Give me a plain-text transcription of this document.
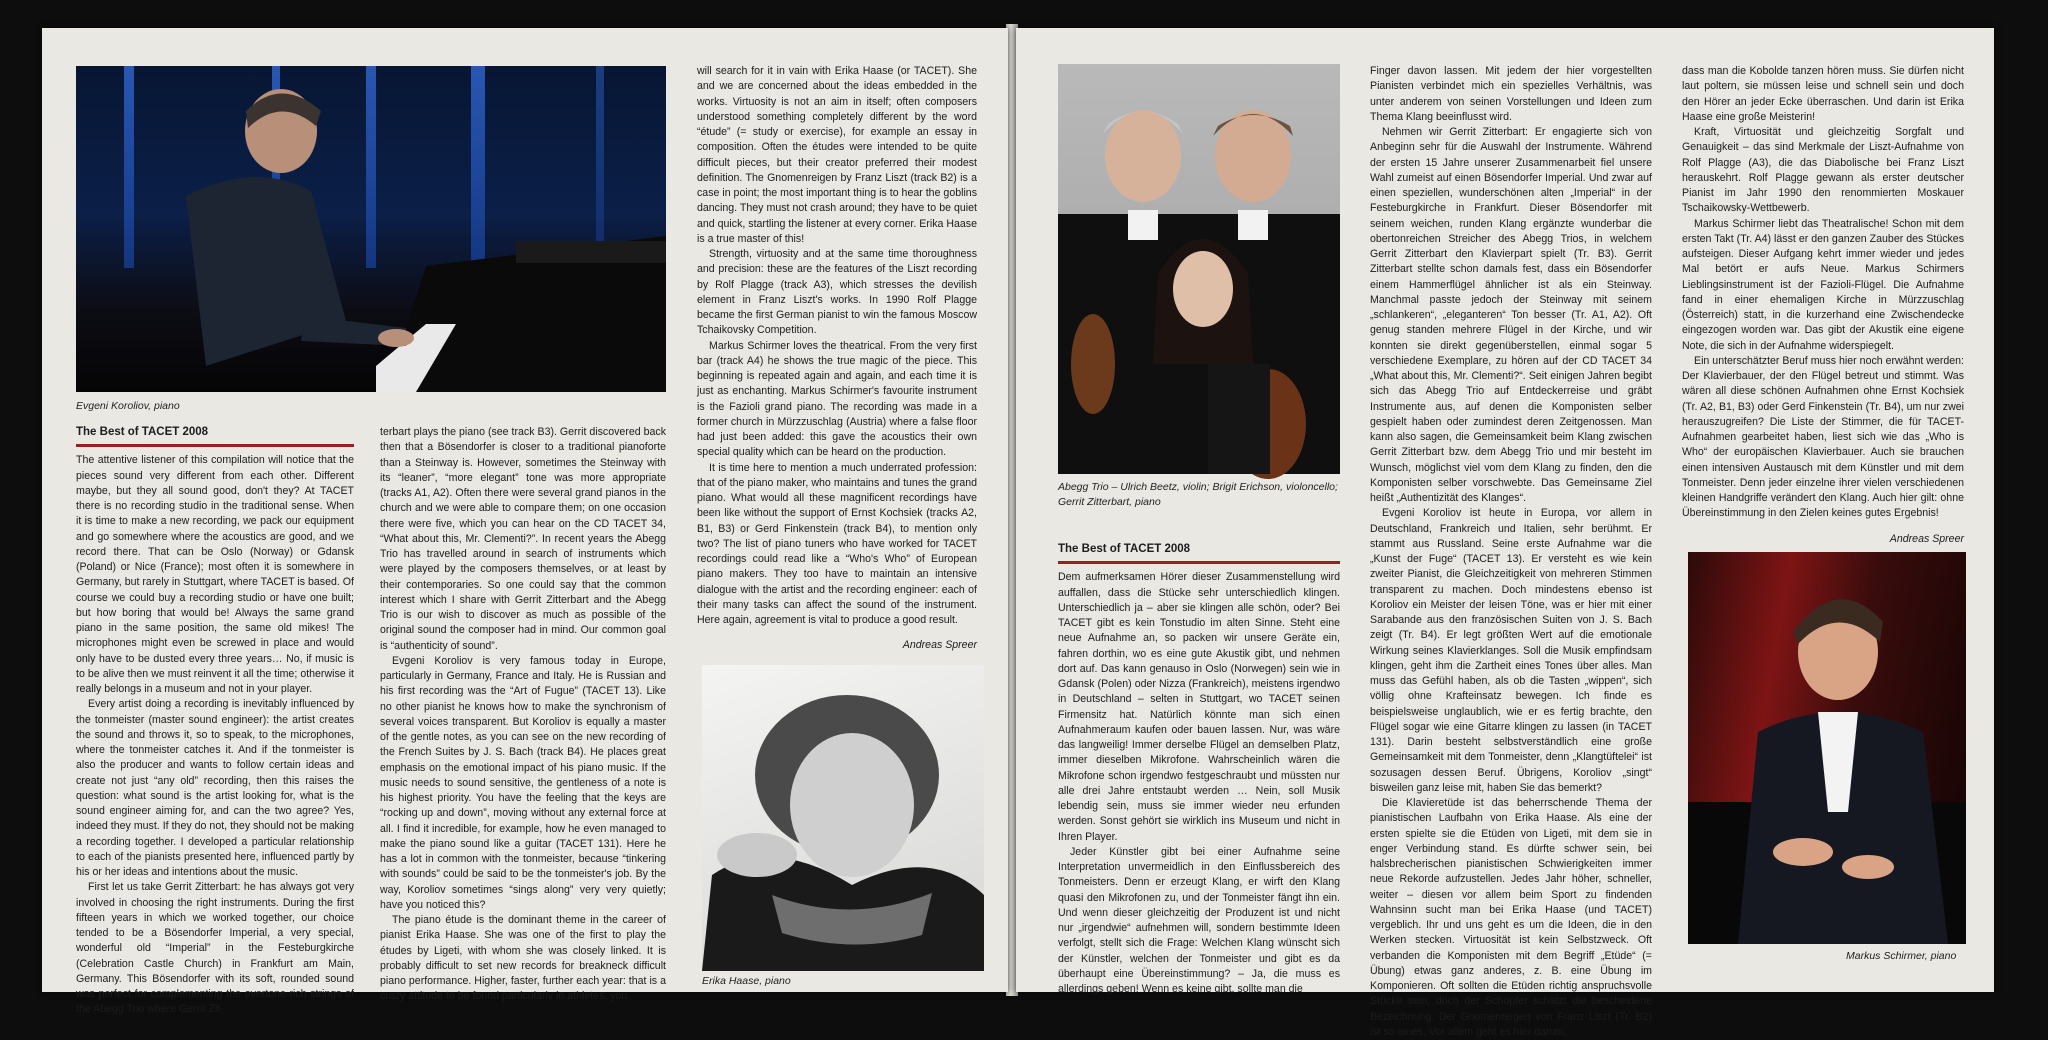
Evgeni Koroliov, piano
The Best of TACET 2008

The attentive listener of this compilation will notice that the pieces sound very different from each other. Different maybe, but they all sound good, don't they? At TACET there is no recording studio in the traditional sense. When it is time to make a new recording, we pack our equipment and go somewhere where the acoustics are good, and we record there. That can be Oslo (Norway) or Gdansk (Poland) or Nice (France); most often it is somewhere in Germany, but rarely in Stuttgart, where TACET is based. Of course we could buy a recording studio or have one built; but how boring that would be! Always the same grand piano in the same position, the same old mikes! The microphones might even be screwed in place and would only have to be dusted every three years… No, if music is to be alive then we must reinvent it all the time; otherwise it really belongs in a museum and not in your player.

Every artist doing a recording is inevitably influenced by the tonmeister (master sound engineer): the artist creates the sound and throws it, so to speak, to the microphones, where the tonmeister catches it. And if the tonmeister is also the producer and wants to follow certain ideas and create not just “any old” recording, then this raises the question: what sound is the artist looking for, what is the sound engineer aiming for, and can the two agree? Yes, indeed they must. If they do not, they should not be making a recording together. I developed a particular relationship to each of the pianists presented here, influenced partly by his or her ideas and intentions about the music.

First let us take Gerrit Zitterbart: he has always got very involved in choosing the right instruments. During the first fifteen years in which we worked together, our choice tended to be a Bösendorfer Imperial, a very special, wonderful old “Imperial” in the Festeburgkirche (Celebration Castle Church) in Frankfurt am Main, Germany. This Bösendorfer with its soft, rounded sound was perfect for complementing the overtone-rich strings of the Abegg Trio where Gerrit Zit-

terbart plays the piano (see track B3). Gerrit discovered back then that a Bösendorfer is closer to a traditional pianoforte than a Steinway is. However, sometimes the Steinway with its “leaner”, “more elegant” tone was more appropriate (tracks A1, A2). Often there were several grand pianos in the church and we were able to compare them; on one occasion there were five, which you can hear on the CD TACET 34, “What about this, Mr. Clementi?”. In recent years the Abegg Trio has travelled around in search of instruments which were played by the composers themselves, or at least by their contemporaries. So one could say that the common interest which I share with Gerrit Zitterbart and the Abegg Trio is our wish to discover as much as possible of the original sound the composer had in mind. Our common goal is “authenticity of sound”.

Evgeni Koroliov is very famous today in Europe, particularly in Germany, France and Italy. He is Russian and his first recording was the “Art of Fugue” (TACET 13). Like no other pianist he knows how to make the synchronism of several voices transparent. But Koroliov is equally a master of the gentle notes, as you can see on the new recording of the French Suites by J. S. Bach (track B4). He places great emphasis on the emotional impact of his piano music. If the music needs to sound sensitive, the gentleness of a note is his highest priority. You have the feeling that the keys are “rocking up and down”, moving without any external force at all. I find it incredible, for example, how he even managed to make the piano sound like a guitar (TACET 131). Here he has a lot in common with the tonmeister, because “tinkering with sounds” could be said to be the tonmeister's job. By the way, Koroliov sometimes “sings along” very very quietly; have you noticed this?

The piano étude is the dominant theme in the career of pianist Erika Haase. She was one of the first to play the études by Ligeti, with whom she was closely linked. It is probably difficult to set new records for breakneck difficult piano performance. Higher, faster, further each year: that is a crazy attitude to be found particularly in athletes; you

will search for it in vain with Erika Haase (or TACET). She and we are concerned about the ideas embedded in the works. Virtuosity is not an aim in itself; often composers understood something completely different by the word “étude” (= study or exercise), for example an essay in composition. Often the études were intended to be quite difficult pieces, but their creator preferred their modest definition. The Gnomenreigen by Franz Liszt (track B2) is a case in point; the most important thing is to hear the goblins dancing. They must not crash around; they have to be quiet and quick, startling the listener at every corner. Erika Haase is a true master of this!

Strength, virtuosity and at the same time thoroughness and precision: these are the features of the Liszt recording by Rolf Plagge (track A3), which stresses the devilish element in Franz Liszt's works. In 1990 Rolf Plagge became the first German pianist to win the famous Moscow Tchaikovsky Competition.

Markus Schirmer loves the theatrical. From the very first bar (track A4) he shows the true magic of the piece. This beginning is repeated again and again, and each time it is just as enchanting. Markus Schirmer's favourite instrument is the Fazioli grand piano. The recording was made in a former church in Mürzzuschlag (Austria) where a false floor had just been added: this gave the acoustics their own special quality which can be heard on the production.

It is time here to mention a much underrated profession: that of the piano maker, who maintains and tunes the grand piano. What would all these magnificent recordings have been like without the support of Ernst Kochsiek (tracks A2, B1, B3) or Gerd Finkenstein (track B4), to mention only two? The list of piano tuners who have worked for TACET recordings could read like a “Who's Who” of European piano makers. They too have to maintain an intensive dialogue with the artist and the recording engineer: each of their many tasks can affect the sound of the instrument. Here again, agreement is vital to produce a good result.

Andreas Spreer

Erika Haase, piano
Abegg Trio – Ulrich Beetz, violin; Brigit Erichson, violoncello; Gerrit Zitterbart, piano
The Best of TACET 2008

Dem aufmerksamen Hörer dieser Zusammenstellung wird auffallen, dass die Stücke sehr unterschiedlich klingen. Unterschiedlich ja – aber sie klingen alle schön, oder? Bei TACET gibt es kein Tonstudio im alten Sinne. Steht eine neue Aufnahme an, so packen wir unsere Geräte ein, fahren dorthin, wo es eine gute Akustik gibt, und nehmen dort auf. Das kann genauso in Oslo (Norwegen) sein wie in Gdansk (Polen) oder Nizza (Frankreich), meistens irgendwo in Deutschland – selten in Stuttgart, wo TACET seinen Firmensitz hat. Natürlich könnte man sich einen Aufnahmeraum kaufen oder bauen lassen. Nur, was wäre das langweilig! Immer derselbe Flügel an demselben Platz, immer dieselben Mikrofone. Wahrscheinlich wären die Mikrofone schon irgendwo festgeschraubt und müssten nur alle drei Jahre entstaubt werden … Nein, soll Musik lebendig sein, muss sie immer wieder neu erfunden werden. Sonst gehört sie wirklich ins Museum und nicht in Ihren Player.

Jeder Künstler gibt bei einer Aufnahme seine Interpretation unvermeidlich in den Einflussbereich des Tonmeisters. Denn er erzeugt Klang, er wirft den Klang quasi den Mikrofonen zu, und der Tonmeister fängt ihn ein. Und wenn dieser gleichzeitig der Produzent ist und nicht nur „irgendwie“ aufnehmen will, sondern bestimmte Ideen verfolgt, stellt sich die Frage: Welchen Klang wünscht sich der Künstler, welchen der Tonmeister und gibt es da überhaupt eine Übereinstimmung? – Ja, die muss es allerdings geben! Wenn es keine gibt, sollte man die

Finger davon lassen. Mit jedem der hier vorgestellten Pianisten verbindet mich ein spezielles Verhältnis, was unter anderem von seinen Vorstellungen und Ideen zum Thema Klang beeinflusst wird.

Nehmen wir Gerrit Zitterbart: Er engagierte sich von Anbeginn sehr für die Auswahl der Instrumente. Während der ersten 15 Jahre unserer Zusammenarbeit fiel unsere Wahl zumeist auf einen Bösendorfer Imperial. Und zwar auf einen speziellen, wunderschönen alten „Imperial“ in der Festeburgkirche in Frankfurt. Dieser Bösendorfer mit seinem weichen, runden Klang ergänzte wunderbar die obertonreichen Streicher des Abegg Trios, in welchem Gerrit Zitterbart den Klavierpart spielt (Tr. B3). Gerrit Zitterbart stellte schon damals fest, dass ein Bösendorfer einem Hammerflügel ähnlicher ist als ein Steinway. Manchmal passte jedoch der Steinway mit seinem „schlankeren“, „eleganteren“ Ton besser (Tr. A1, A2). Oft genug standen mehrere Flügel in der Kirche, und wir konnten sie direkt gegenüberstellen, einmal sogar 5 verschiedene Exemplare, zu hören auf der CD TACET 34 „What about this, Mr. Clementi?“. Seit einigen Jahren begibt sich das Abegg Trio auf Entdeckerreise und gräbt Instrumente aus, auf denen die Komponisten selber gespielt haben oder zumindest deren Zeitgenossen. Man kann also sagen, die Gemeinsamkeit beim Klang zwischen Gerrit Zitterbart bzw. dem Abegg Trio und mir besteht im Wunsch, möglichst viel vom dem Klang zu finden, den die Komponisten selber vorschwebte. Das Gemeinsame Ziel heißt „Authentizität des Klanges“.

Evgeni Koroliov ist heute in Europa, vor allem in Deutschland, Frankreich und Italien, sehr berühmt. Er stammt aus Russland. Seine erste Aufnahme war die „Kunst der Fuge“ (TACET 13). Er versteht es wie kein zweiter Pianist, die Gleichzeitigkeit von mehreren Stimmen transparent zu machen. Doch mindestens ebenso ist Koroliov ein Meister der leisen Töne, was er hier mit einer Sarabande aus den französischen Suiten von J. S. Bach zeigt (Tr. B4). Er legt größten Wert auf die emotionale Wirkung seines Klavierklanges. Soll die Musik empfindsam klingen, geht ihm die Zartheit eines Tones über alles. Man muss das Gefühl haben, als ob die Tasten „wippen“, sich völlig ohne Krafteinsatz bewegen. Ich finde es beispielsweise unglaublich, wie er es fertig brachte, den Flügel sogar wie eine Gitarre klingen zu lassen (in TACET 131). Darin besteht selbstverständlich eine große Gemeinsamkeit mit dem Tonmeister, denn „Klangtüftelei“ ist sozusagen dessen Beruf. Übrigens, Koroliov „singt“ bisweilen ganz leise mit, haben Sie das bemerkt?

Die Klavieretüde ist das beherrschende Thema der pianistischen Laufbahn von Erika Haase. Als eine der ersten spielte sie die Etüden von Ligeti, mit dem sie in enger Verbindung stand. Es dürfte schwer sein, bei halsbrecherischen pianistischen Schwierigkeiten immer neue Rekorde aufzustellen. Jedes Jahr höher, schneller, weiter – diesen vor allem beim Sport zu findenden Wahnsinn sucht man bei Erika Haase (und TACET) vergeblich. Ihr und uns geht es um die Ideen, die in den Werken stecken. Virtuosität ist kein Selbstzweck. Oft verbanden die Komponisten mit dem Begriff „Etüde“ (= Übung) etwas ganz anderes, z. B. eine Übung im Komponieren. Oft sollten die Etüden richtig anspruchsvolle Stücke sein, doch der Schöpfer schätzt die bescheidene Bezeichnung. Der Gnomenreigen von Franz Liszt (Tr. B2) ist so eines. Vor allem geht es hier darum,

dass man die Kobolde tanzen hören muss. Sie dürfen nicht laut poltern, sie müssen leise und schnell sein und doch den Hörer an jeder Ecke überraschen. Und darin ist Erika Haase eine große Meisterin!

Kraft, Virtuosität und gleichzeitig Sorgfalt und Genauigkeit – das sind Merkmale der Liszt-Aufnahme von Rolf Plagge (A3), die das Diabolische bei Franz Liszt herauskehrt. Rolf Plagge gewann als erster deutscher Pianist im Jahr 1990 den renommierten Moskauer Tschaikowsky-Wettbewerb.

Markus Schirmer liebt das Theatralische! Schon mit dem ersten Takt (Tr. A4) lässt er den ganzen Zauber des Stückes aufsteigen. Dieser Aufgang kehrt immer wieder und jedes Mal betört er aufs Neue. Markus Schirmers Lieblingsinstrument ist der Fazioli-Flügel. Die Aufnahme fand in einer ehemaligen Kirche in Mürzzuschlag (Österreich) statt, in die kurzerhand eine Zwischendecke eingezogen worden war. Das gibt der Akustik eine eigene Note, die sich in der Aufnahme widerspiegelt.

Ein unterschätzter Beruf muss hier noch erwähnt werden: Der Klavierbauer, der den Flügel betreut und stimmt. Was wären all diese schönen Aufnahmen ohne Ernst Kochsiek (Tr. A2, B1, B3) oder Gerd Finkenstein (Tr. B4), um nur zwei herauszugreifen? Die Liste der Stimmer, die für TACET-Aufnahmen gearbeitet haben, liest sich wie das „Who is Who“ der europäischen Klavierbauer. Auch sie brauchen einen intensiven Austausch mit dem Künstler und mit dem Tonmeister. Denn jeder einzelne ihrer vielen verschiedenen kleinen Handgriffe verändert den Klang. Auch hier gilt: ohne Übereinstimmung in den Zielen keines gutes Ergebnis!

Andreas Spreer

Markus Schirmer, piano
